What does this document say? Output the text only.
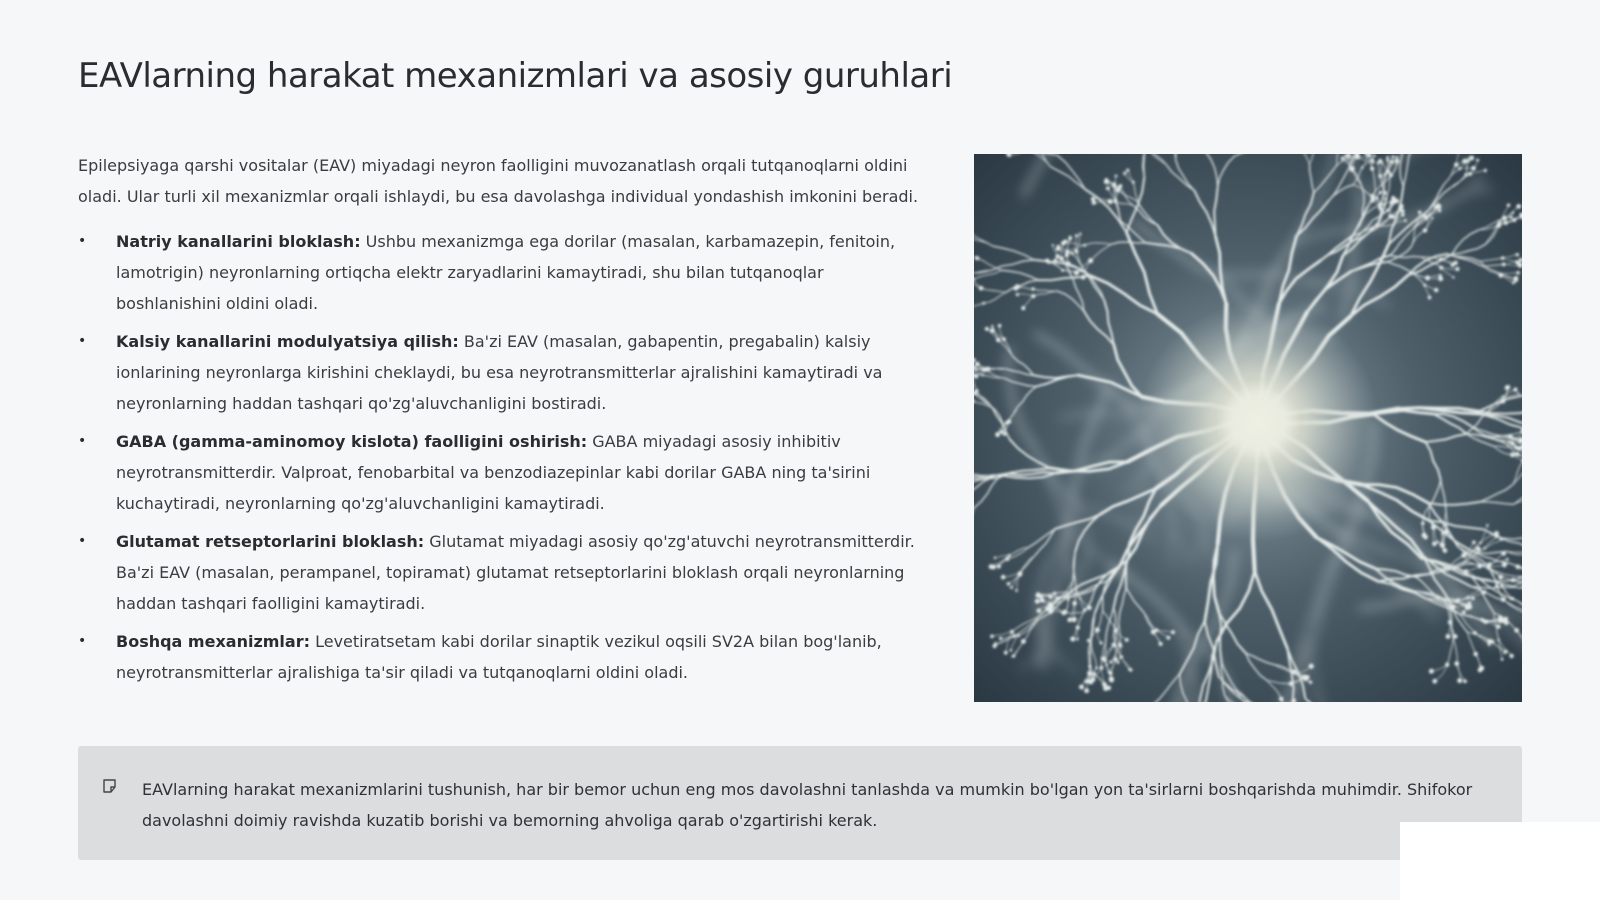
EAVlarning harakat mexanizmlari va asosiy guruhlari

Epilepsiyaga qarshi vositalar (EAV) miyadagi neyron faolligini muvozanatlash orqali tutqanoqlarni oldini oladi. Ular turli xil mexanizmlar orqali ishlaydi, bu esa davolashga individual yondashish imkonini beradi.

• Natriy kanallarini bloklash: Ushbu mexanizmga ega dorilar (masalan, karbamazepin, fenitoin, lamotrigin) neyronlarning ortiqcha elektr zaryadlarini kamaytiradi, shu bilan tutqanoqlar boshlanishini oldini oladi.
• Kalsiy kanallarini modulyatsiya qilish: Ba'zi EAV (masalan, gabapentin, pregabalin) kalsiy ionlarining neyronlarga kirishini cheklaydi, bu esa neyrotransmitterlar ajralishini kamaytiradi va neyronlarning haddan tashqari qo'zg'aluvchanligini bostiradi.
• GABA (gamma-aminomoy kislota) faolligini oshirish: GABA miyadagi asosiy inhibitiv neyrotransmitterdir. Valproat, fenobarbital va benzodiazepinlar kabi dorilar GABA ning ta'sirini kuchaytiradi, neyronlarning qo'zg'aluvchanligini kamaytiradi.
• Glutamat retseptorlarini bloklash: Glutamat miyadagi asosiy qo'zg'atuvchi neyrotransmitterdir. Ba'zi EAV (masalan, perampanel, topiramat) glutamat retseptorlarini bloklash orqali neyronlarning haddan tashqari faolligini kamaytiradi.
• Boshqa mexanizmlar: Levetiratsetam kabi dorilar sinaptik vezikul oqsili SV2A bilan bog'lanib, neyrotransmitterlar ajralishiga ta'sir qiladi va tutqanoqlarni oldini oladi.

EAVlarning harakat mexanizmlarini tushunish, har bir bemor uchun eng mos davolashni tanlashda va mumkin bo'lgan yon ta'sirlarni boshqarishda muhimdir. Shifokor davolashni doimiy ravishda kuzatib borishi va bemorning ahvoliga qarab o'zgartirishi kerak.
